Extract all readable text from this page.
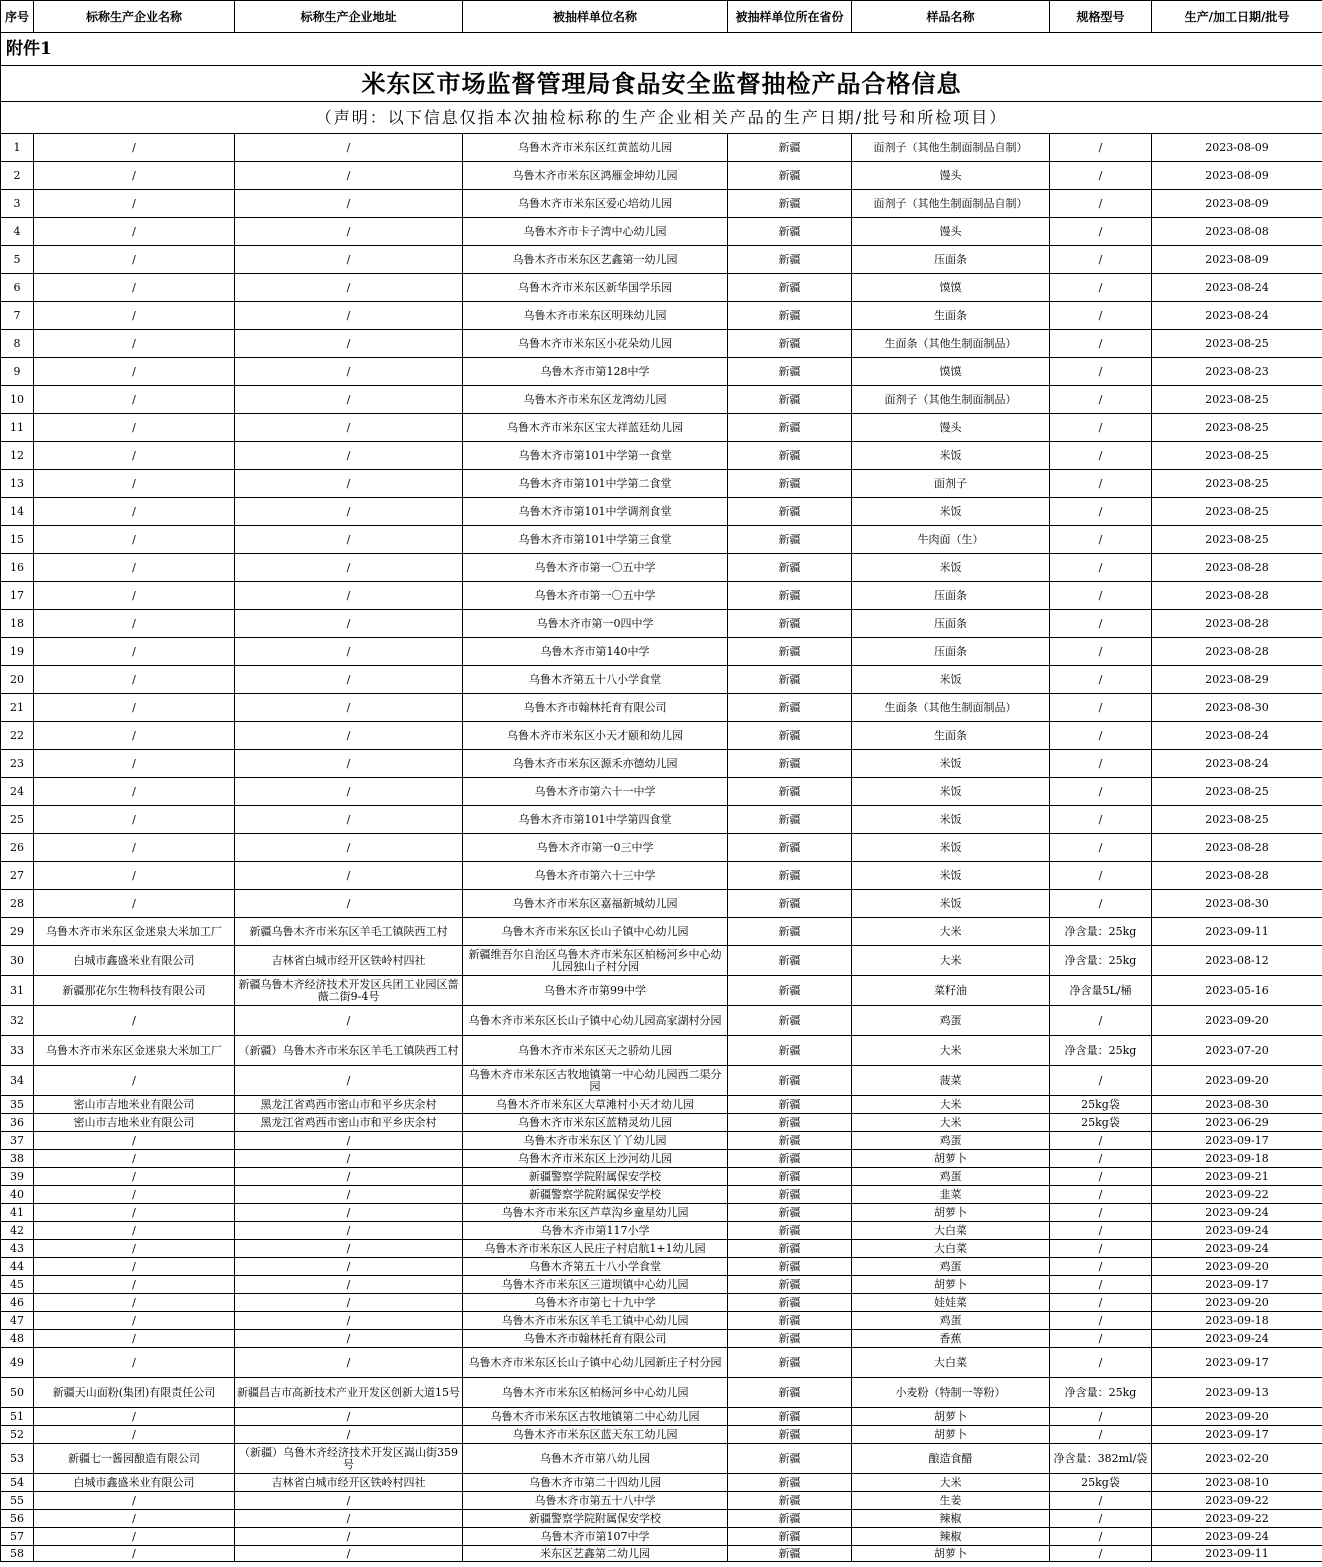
附件1							
米东区市场监督管理局食品安全监督抽检产品合格信息							
（声明：以下信息仅指本次抽检标称的生产企业相关产品的生产日期/批号和所检项目）							
序号	标称生产企业名称	标称生产企业地址	被抽样单位名称	被抽样单位所在省份	样品名称	规格型号	生产/加工日期/批号
1	/	/	乌鲁木齐市米东区红黄蓝幼儿园	新疆	面剂子（其他生制面制品自制）	/	2023-08-09
2	/	/	乌鲁木齐市米东区鸿雁金坤幼儿园	新疆	馒头	/	2023-08-09
3	/	/	乌鲁木齐市米东区爱心培幼儿园	新疆	面剂子（其他生制面制品自制）	/	2023-08-09
4	/	/	乌鲁木齐市卡子湾中心幼儿园	新疆	馒头	/	2023-08-08
5	/	/	乌鲁木齐市米东区艺鑫第一幼儿园	新疆	压面条	/	2023-08-09
6	/	/	乌鲁木齐市米东区新华国学乐园	新疆	馍馍	/	2023-08-24
7	/	/	乌鲁木齐市米东区明珠幼儿园	新疆	生面条	/	2023-08-24
8	/	/	乌鲁木齐市米东区小花朵幼儿园	新疆	生面条（其他生制面制品）	/	2023-08-25
9	/	/	乌鲁木齐市第128中学	新疆	馍馍	/	2023-08-23
10	/	/	乌鲁木齐市米东区龙湾幼儿园	新疆	面剂子（其他生制面制品）	/	2023-08-25
11	/	/	乌鲁木齐市米东区宝大祥蓝廷幼儿园	新疆	馒头	/	2023-08-25
12	/	/	乌鲁木齐市第101中学第一食堂	新疆	米饭	/	2023-08-25
13	/	/	乌鲁木齐市第101中学第二食堂	新疆	面剂子	/	2023-08-25
14	/	/	乌鲁木齐市第101中学调剂食堂	新疆	米饭	/	2023-08-25
15	/	/	乌鲁木齐市第101中学第三食堂	新疆	牛肉面（生）	/	2023-08-25
16	/	/	乌鲁木齐市第一〇五中学	新疆	米饭	/	2023-08-28
17	/	/	乌鲁木齐市第一〇五中学	新疆	压面条	/	2023-08-28
18	/	/	乌鲁木齐市第一0四中学	新疆	压面条	/	2023-08-28
19	/	/	乌鲁木齐市第140中学	新疆	压面条	/	2023-08-28
20	/	/	乌鲁木齐第五十八小学食堂	新疆	米饭	/	2023-08-29
21	/	/	乌鲁木齐市翰林托育有限公司	新疆	生面条（其他生制面制品）	/	2023-08-30
22	/	/	乌鲁木齐市米东区小天才颐和幼儿园	新疆	生面条	/	2023-08-24
23	/	/	乌鲁木齐市米东区源禾亦德幼儿园	新疆	米饭	/	2023-08-24
24	/	/	乌鲁木齐市第六十一中学	新疆	米饭	/	2023-08-25
25	/	/	乌鲁木齐市第101中学第四食堂	新疆	米饭	/	2023-08-25
26	/	/	乌鲁木齐市第一0三中学	新疆	米饭	/	2023-08-28
27	/	/	乌鲁木齐市第六十三中学	新疆	米饭	/	2023-08-28
28	/	/	乌鲁木齐市米东区嘉福新城幼儿园	新疆	米饭	/	2023-08-30
29	乌鲁木齐市米东区金迷泉大米加工厂	新疆乌鲁木齐市米东区羊毛工镇陕西工村	乌鲁木齐市米东区长山子镇中心幼儿园	新疆	大米	净含量：25kg	2023-09-11
30	白城市鑫盛米业有限公司	吉林省白城市经开区铁岭村四社	新疆维吾尔自治区乌鲁木齐市米东区柏杨河乡中心幼儿园独山子村分园	新疆	大米	净含量：25kg	2023-08-12
31	新疆那花尔生物科技有限公司	新疆乌鲁木齐经济技术开发区兵团工业园区蔷薇二街9-4号	乌鲁木齐市第99中学	新疆	菜籽油	净含量5L/桶	2023-05-16
32	/	/	乌鲁木齐市米东区长山子镇中心幼儿园高家湖村分园	新疆	鸡蛋	/	2023-09-20
33	乌鲁木齐市米东区金迷泉大米加工厂	（新疆）乌鲁木齐市米东区羊毛工镇陕西工村	乌鲁木齐市米东区天之骄幼儿园	新疆	大米	净含量：25kg	2023-07-20
34	/	/	乌鲁木齐市米东区古牧地镇第一中心幼儿园西二渠分园	新疆	菠菜	/	2023-09-20
35	密山市吉地米业有限公司	黑龙江省鸡西市密山市和平乡庆余村	乌鲁木齐市米东区大草滩村小天才幼儿园	新疆	大米	25kg袋	2023-08-30
36	密山市吉地米业有限公司	黑龙江省鸡西市密山市和平乡庆余村	乌鲁木齐市米东区蓝精灵幼儿园	新疆	大米	25kg袋	2023-06-29
37	/	/	乌鲁木齐市米东区丫丫幼儿园	新疆	鸡蛋	/	2023-09-17
38	/	/	乌鲁木齐市米东区上沙河幼儿园	新疆	胡萝卜	/	2023-09-18
39	/	/	新疆警察学院附属保安学校	新疆	鸡蛋	/	2023-09-21
40	/	/	新疆警察学院附属保安学校	新疆	韭菜	/	2023-09-22
41	/	/	乌鲁木齐市米东区芦草沟乡童星幼儿园	新疆	胡萝卜	/	2023-09-24
42	/	/	乌鲁木齐市第117小学	新疆	大白菜	/	2023-09-24
43	/	/	乌鲁木齐市米东区人民庄子村启航1+1幼儿园	新疆	大白菜	/	2023-09-24
44	/	/	乌鲁木齐第五十八小学食堂	新疆	鸡蛋	/	2023-09-20
45	/	/	乌鲁木齐市米东区三道坝镇中心幼儿园	新疆	胡萝卜	/	2023-09-17
46	/	/	乌鲁木齐市第七十九中学	新疆	娃娃菜	/	2023-09-20
47	/	/	乌鲁木齐市米东区羊毛工镇中心幼儿园	新疆	鸡蛋	/	2023-09-18
48	/	/	乌鲁木齐市翰林托育有限公司	新疆	香蕉	/	2023-09-24
49	/	/	乌鲁木齐市米东区长山子镇中心幼儿园新庄子村分园	新疆	大白菜	/	2023-09-17
50	新疆天山面粉(集团)有限责任公司	新疆昌吉市高新技术产业开发区创新大道15号	乌鲁木齐市米东区柏杨河乡中心幼儿园	新疆	小麦粉（特制一等粉）	净含量：25kg	2023-09-13
51	/	/	乌鲁木齐市米东区古牧地镇第二中心幼儿园	新疆	胡萝卜	/	2023-09-20
52	/	/	乌鲁木齐市米东区蓝天东工幼儿园	新疆	胡萝卜	/	2023-09-17
53	新疆七一酱园酿造有限公司	（新疆）乌鲁木齐经济技术开发区嵩山街359号	乌鲁木齐市第八幼儿园	新疆	酿造食醋	净含量：382ml/袋	2023-02-20
54	白城市鑫盛米业有限公司	吉林省白城市经开区铁岭村四社	乌鲁木齐市第二十四幼儿园	新疆	大米	25kg袋	2023-08-10
55	/	/	乌鲁木齐市第五十八中学	新疆	生姜	/	2023-09-22
56	/	/	新疆警察学院附属保安学校	新疆	辣椒	/	2023-09-22
57	/	/	乌鲁木齐市第107中学	新疆	辣椒	/	2023-09-24
58	/	/	米东区艺鑫第二幼儿园	新疆	胡萝卜	/	2023-09-11
